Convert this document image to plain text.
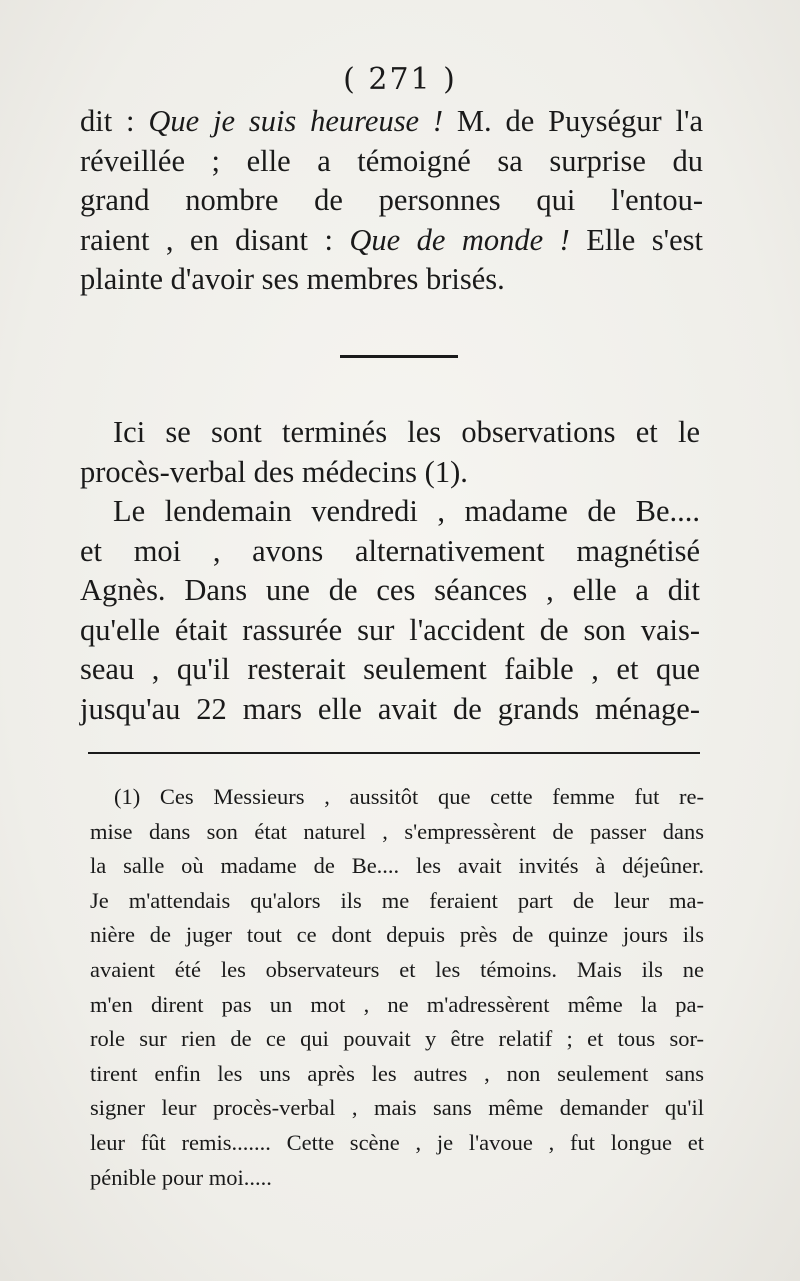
( 271 )

dit : Que je suis heureuse ! M. de Puységur l'a

réveillée ; elle a témoigné sa surprise du

grand nombre de personnes qui l'entou-

raient , en disant : Que de monde ! Elle s'est

plainte d'avoir ses membres brisés.

Ici se sont terminés les observations et le

procès-verbal des médecins (1).

Le lendemain vendredi , madame de Be....

et moi , avons alternativement magnétisé

Agnès. Dans une de ces séances , elle a dit

qu'elle était rassurée sur l'accident de son vais-

seau , qu'il resterait seulement faible , et que

jusqu'au 22 mars elle avait de grands ménage-

(1) Ces Messieurs , aussitôt que cette femme fut re-

mise dans son état naturel , s'empressèrent de passer dans

la salle où madame de Be.... les avait invités à déjeûner.

Je m'attendais qu'alors ils me feraient part de leur ma-

nière de juger tout ce dont depuis près de quinze jours ils

avaient été les observateurs et les témoins. Mais ils ne

m'en dirent pas un mot , ne m'adressèrent même la pa-

role sur rien de ce qui pouvait y être relatif ; et tous sor-

tirent enfin les uns après les autres , non seulement sans

signer leur procès-verbal , mais sans même demander qu'il

leur fût remis....... Cette scène , je l'avoue , fut longue et

pénible pour moi.....
